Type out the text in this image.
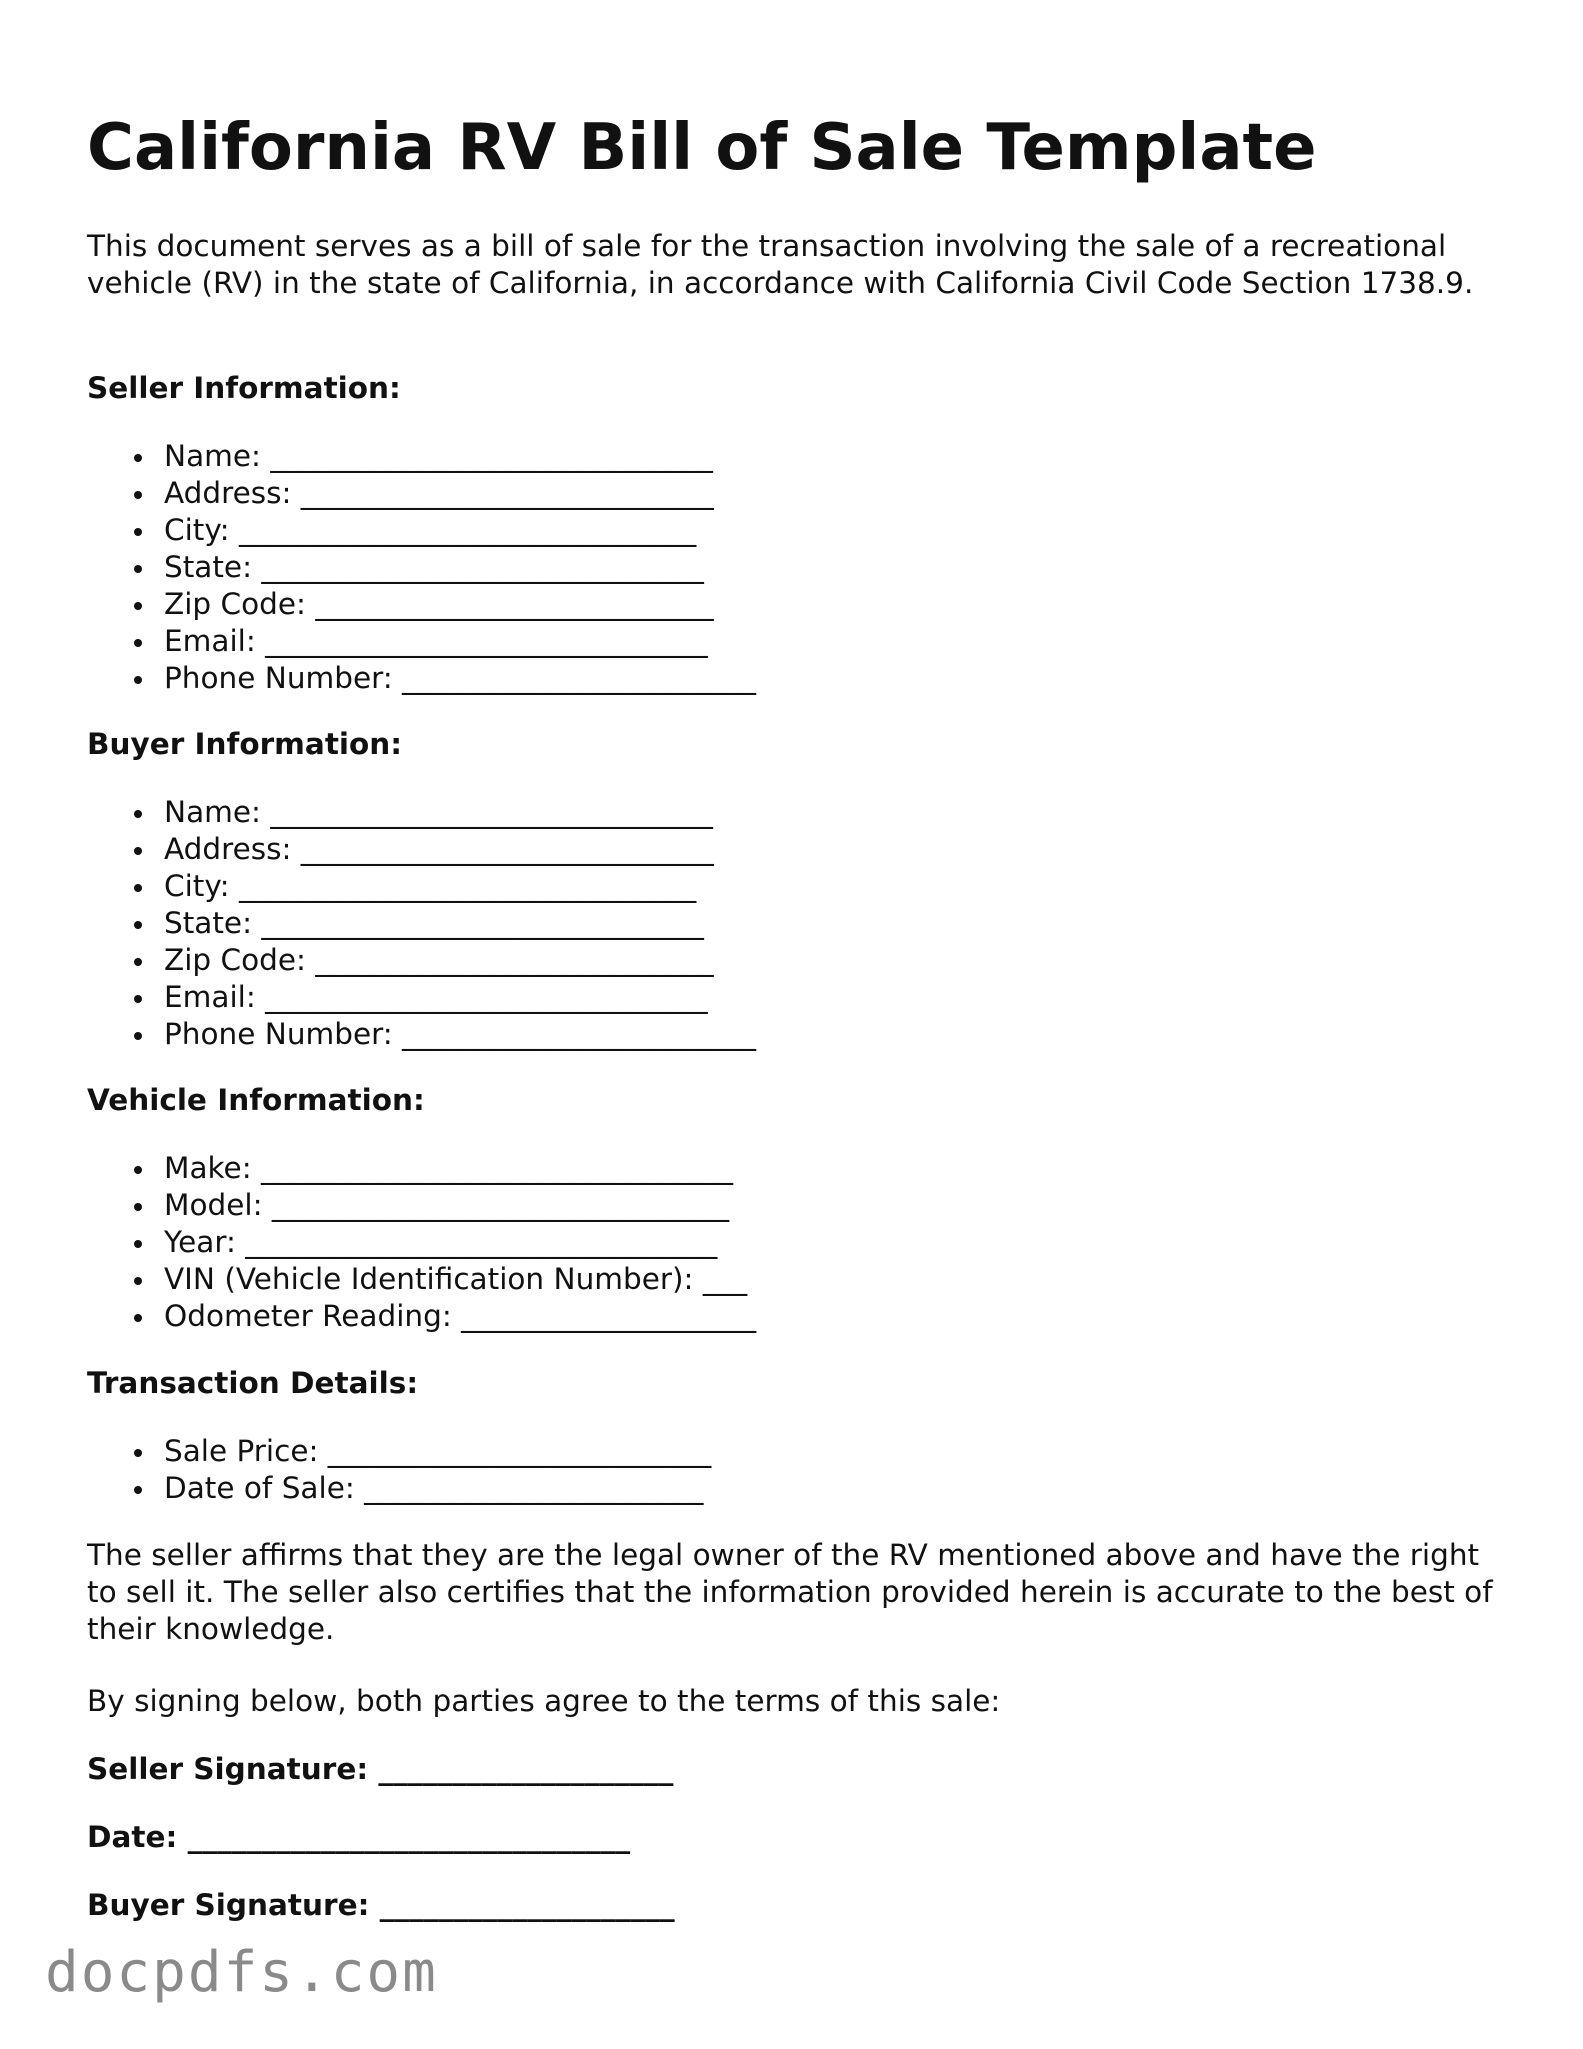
California RV Bill of Sale Template

This document serves as a bill of sale for the transaction involving the sale of a recreational vehicle (RV) in the state of California, in accordance with California Civil Code Section 1738.9.

Seller Information:
Name: ______________________________
Address: ____________________________
City: _______________________________
State: ______________________________
Zip Code: ___________________________
Email: ______________________________
Phone Number: ________________________
Buyer Information:
Name: ______________________________
Address: ____________________________
City: _______________________________
State: ______________________________
Zip Code: ___________________________
Email: ______________________________
Phone Number: ________________________
Vehicle Information:
Make: ________________________________
Model: _______________________________
Year: ________________________________
VIN (Vehicle Identification Number): ___
Odometer Reading: ____________________
Transaction Details:
Sale Price: __________________________
Date of Sale: _______________________

The seller affirms that they are the legal owner of the RV mentioned above and have the right to sell it. The seller also certifies that the information provided herein is accurate to the best of their knowledge.

By signing below, both parties agree to the terms of this sale:

Seller Signature: ____________________

Date: ______________________________

Buyer Signature: ____________________

docpdfs.com
